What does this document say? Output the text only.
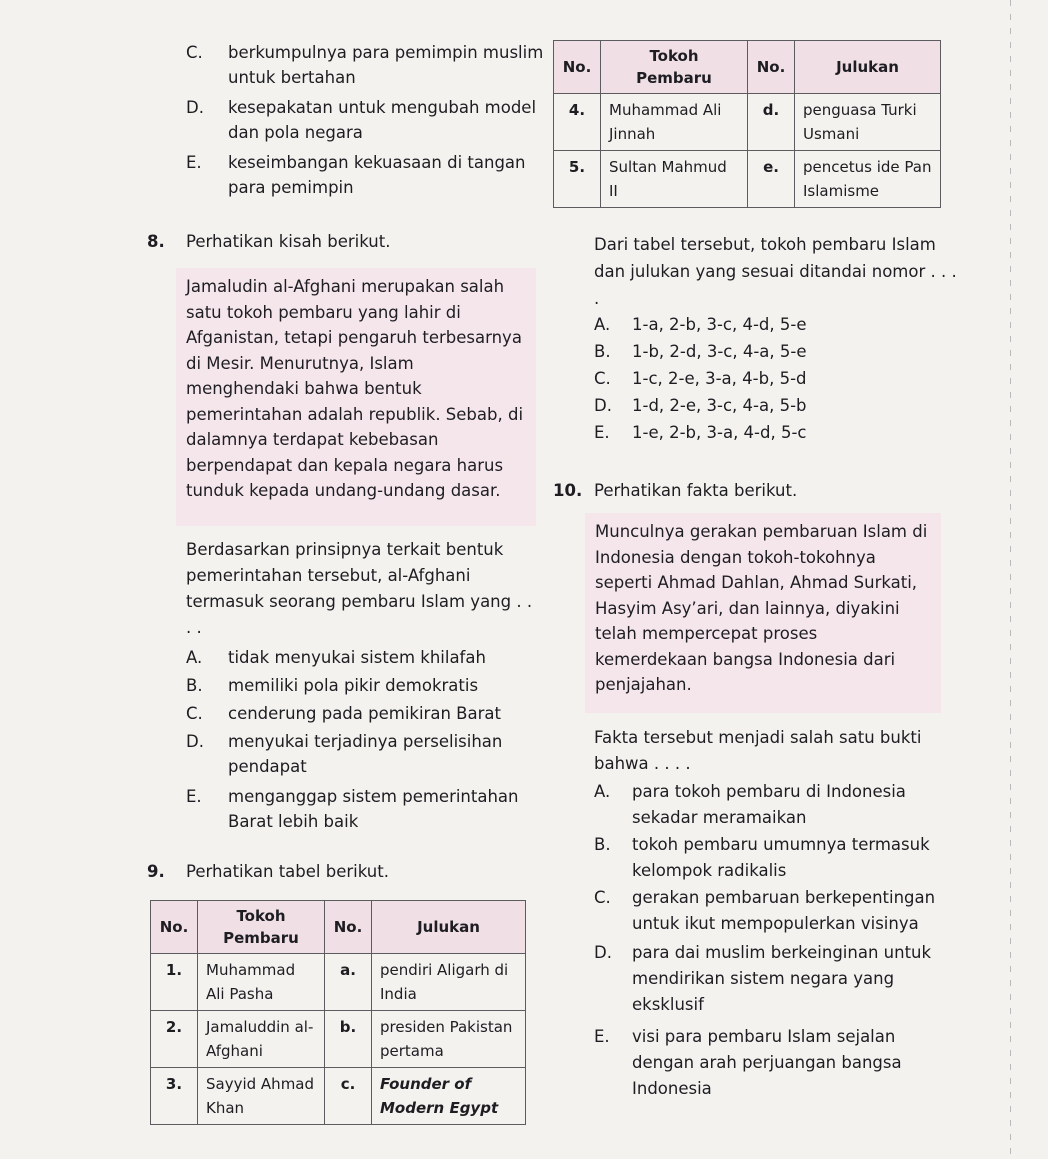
C.	berkumpulnya para pemimpin muslim untuk bertahan
D.	kesepakatan untuk mengubah model dan pola negara
E.	keseimbangan kekuasaan di tangan para pemimpin
No.	Tokoh Pembaru	No.	Julukan
4.	Muhammad Ali Jinnah	d.	penguasa Turki Usmani
5.	Sultan Mahmud II	e.	pencetus ide Pan Islamisme
8. Perhatikan kisah berikut.
Jamaludin al-Afghani merupakan salah satu tokoh pembaru yang lahir di Afganistan, tetapi pengaruh terbesarnya di Mesir. Menurutnya, Islam menghendaki bahwa bentuk pemerintahan adalah republik. Sebab, di dalamnya terdapat kebebasan berpendapat dan kepala negara harus tunduk kepada undang-undang dasar.
Berdasarkan prinsipnya terkait bentuk pemerintahan tersebut, al-Afghani termasuk seorang pembaru Islam yang . . . .
A.	tidak menyukai sistem khilafah
B.	memiliki pola pikir demokratis
C.	cenderung pada pemikiran Barat
D.	menyukai terjadinya perselisihan pendapat
E.	menganggap sistem pemerintahan Barat lebih baik
9. Perhatikan tabel berikut.
No.	Tokoh Pembaru	No.	Julukan
1.	Muhammad Ali Pasha	a.	pendiri Aligarh di India
2.	Jamaluddin al-Afghani	b.	presiden Pakistan pertama
3.	Sayyid Ahmad Khan	c.	Founder of Modern Egypt
Dari tabel tersebut, tokoh pembaru Islam dan julukan yang sesuai ditandai nomor . . . .
A.	1-a, 2-b, 3-c, 4-d, 5-e
B.	1-b, 2-d, 3-c, 4-a, 5-e
C.	1-c, 2-e, 3-a, 4-b, 5-d
D.	1-d, 2-e, 3-c, 4-a, 5-b
E.	1-e, 2-b, 3-a, 4-d, 5-c
10. Perhatikan fakta berikut.
Munculnya gerakan pembaruan Islam di Indonesia dengan tokoh-tokohnya seperti Ahmad Dahlan, Ahmad Surkati, Hasyim Asy’ari, dan lainnya, diyakini telah mempercepat proses kemerdekaan bangsa Indonesia dari penjajahan.
Fakta tersebut menjadi salah satu bukti bahwa . . . .
A.	para tokoh pembaru di Indonesia sekadar meramaikan
B.	tokoh pembaru umumnya termasuk kelompok radikalis
C.	gerakan pembaruan berkepentingan untuk ikut mempopulerkan visinya
D.	para dai muslim berkeinginan untuk mendirikan sistem negara yang eksklusif
E.	visi para pembaru Islam sejalan dengan arah perjuangan bangsa Indonesia
